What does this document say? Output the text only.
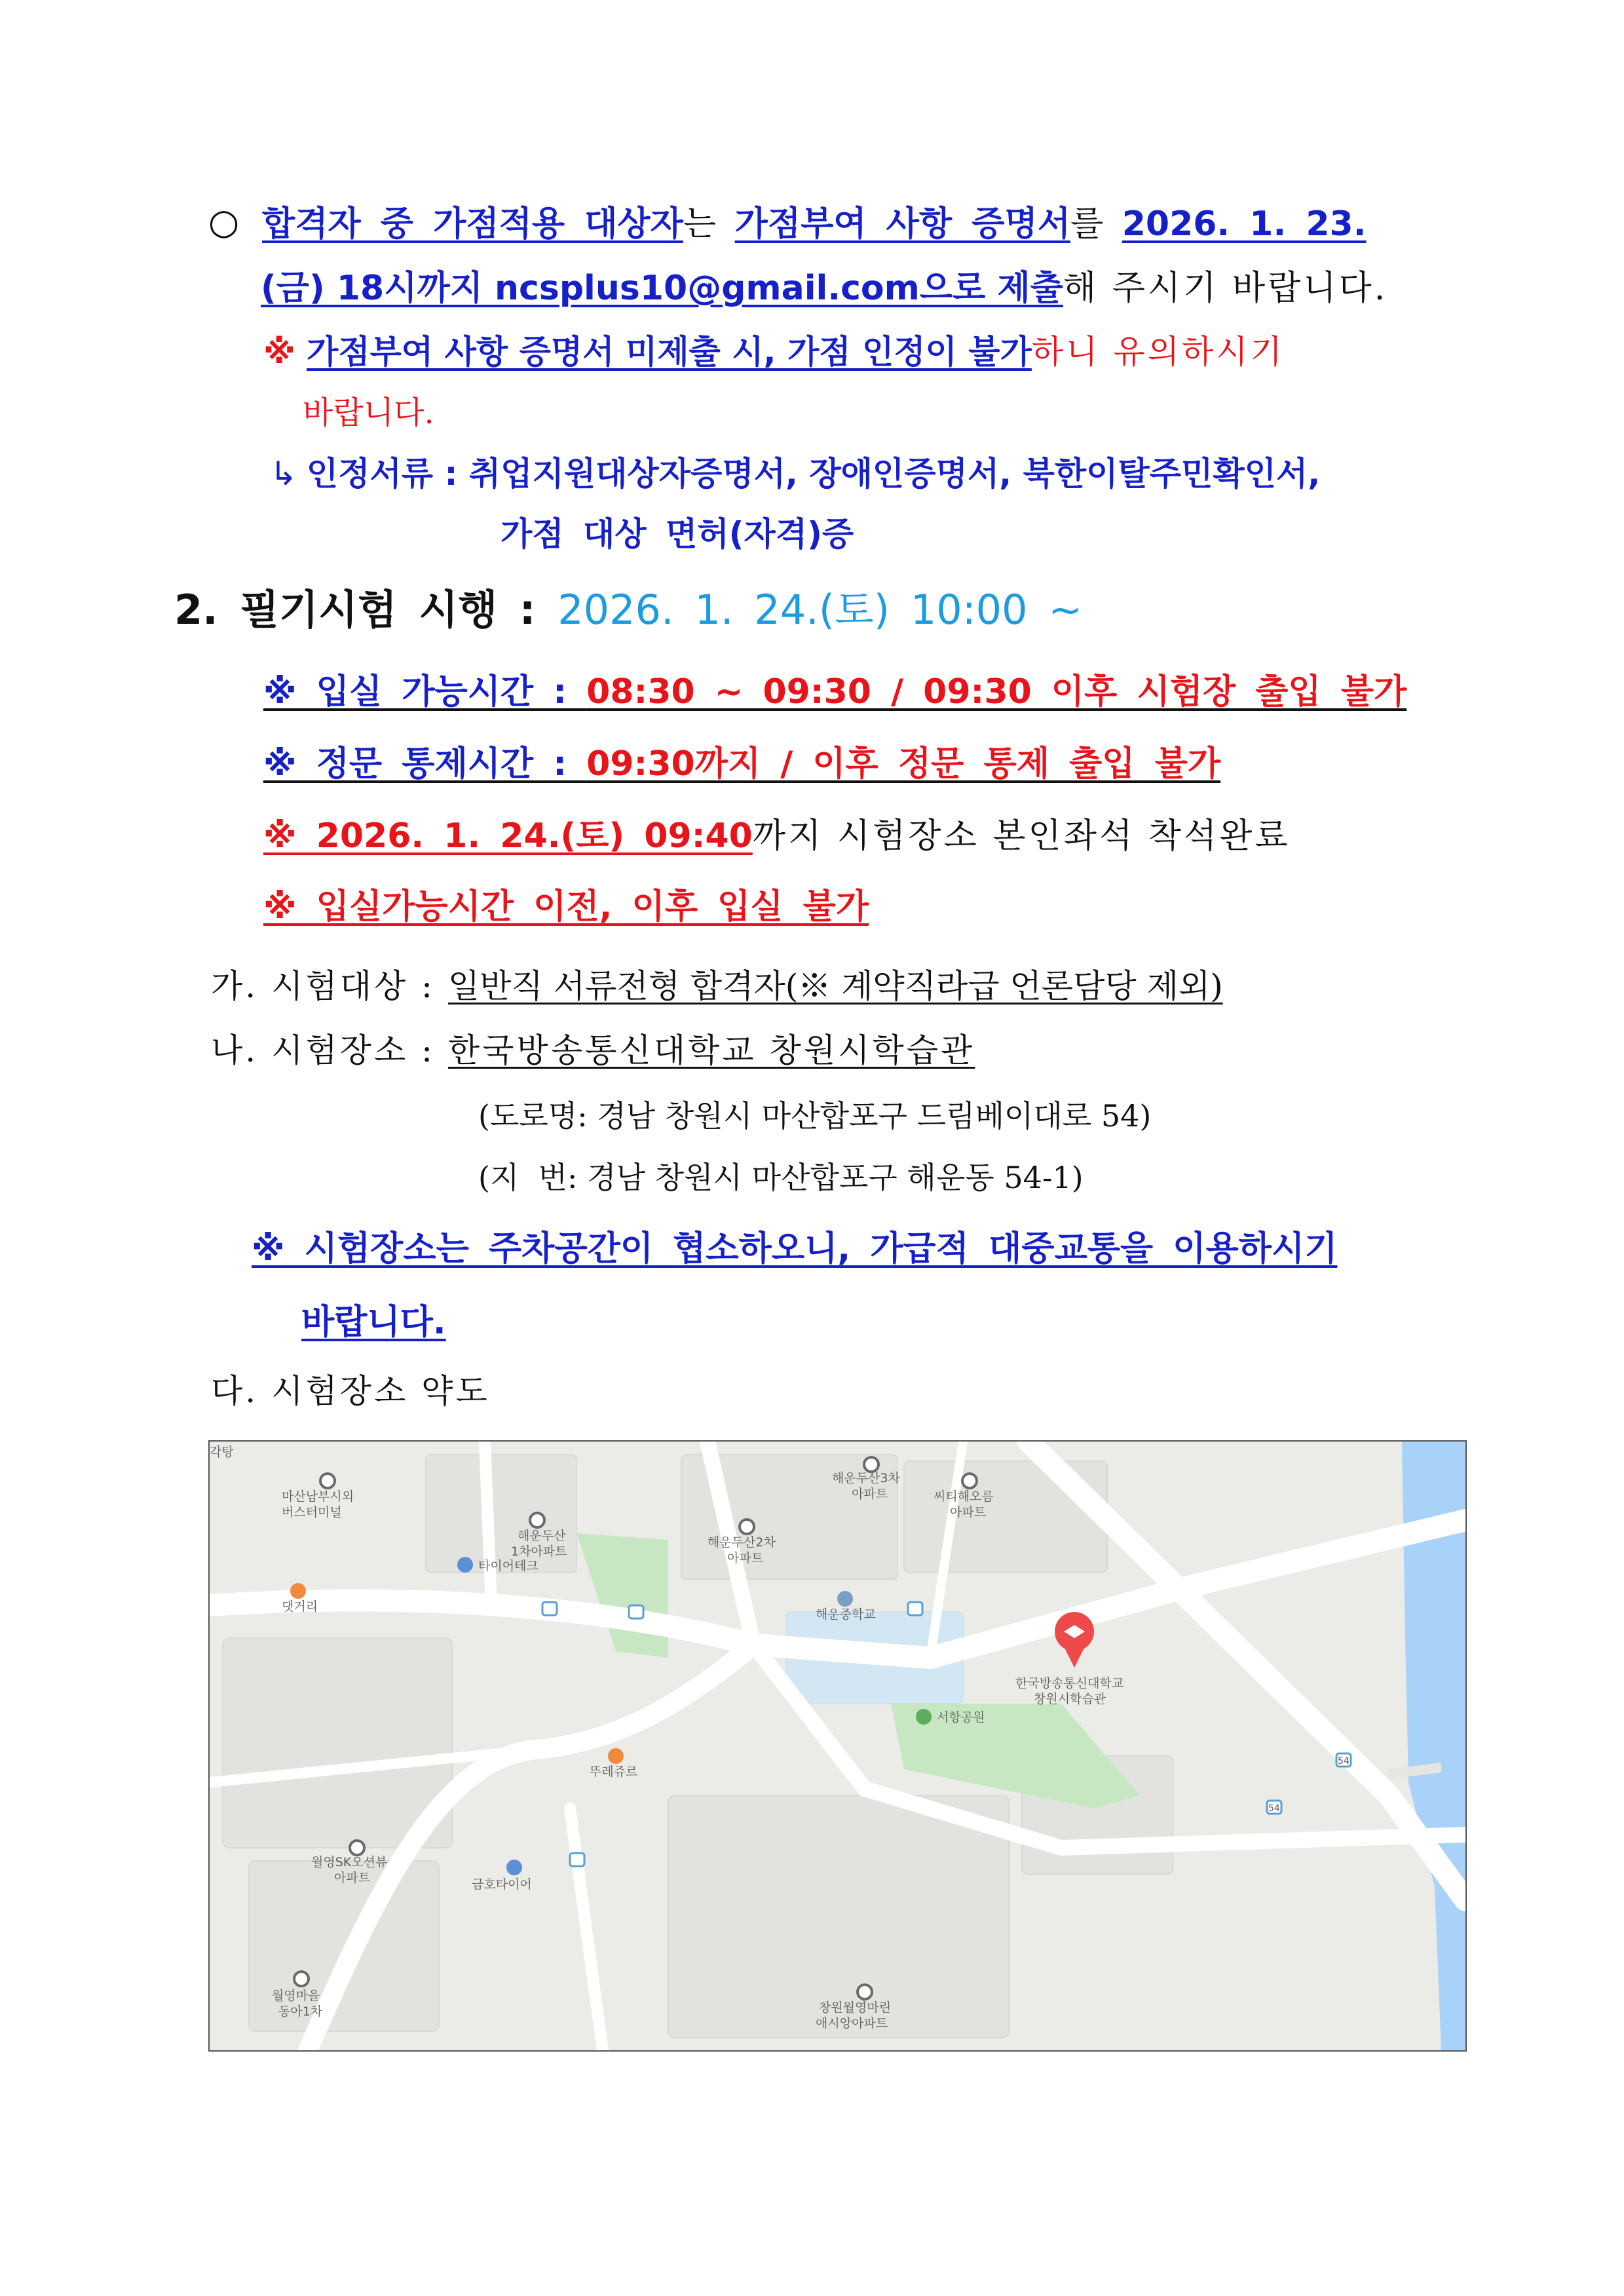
○ 합격자 중 가점적용 대상자는 가점부여 사항 증명서를 2026. 1. 23.
(금) 18시까지 ncsplus10@gmail.com으로 제출해 주시기 바랍니다.
※ 가점부여 사항 증명서 미제출 시, 가점 인정이 불가하니 유의하시기
바랍니다.
↳ 인정서류 : 취업지원대상자증명서, 장애인증명서, 북한이탈주민확인서,
가점 대상 면허(자격)증
2. 필기시험 시행 : 2026. 1. 24.(토) 10:00 ~
※ 입실 가능시간 : 08:30 ~ 09:30 / 09:30 이후 시험장 출입 불가
※ 정문 통제시간 : 09:30까지 / 이후 정문 통제 출입 불가
※ 2026. 1. 24.(토) 09:40까지 시험장소 본인좌석 착석완료
※ 입실가능시간 이전, 이후 입실 불가
가. 시험대상 : 일반직 서류전형 합격자(※ 계약직라급 언론담당 제외)
나. 시험장소 : 한국방송통신대학교 창원시학습관
(도로명: 경남 창원시 마산합포구 드림베이대로 54)
(지  번: 경남 창원시 마산합포구 해운동 54-1)
※ 시험장소는 주차공간이 협소하오니, 가급적 대중교통을 이용하시기
바랍니다.
다. 시험장소 약도
각탕
마산남부시외
버스터미널
해운두산
1차아파트
해운두산2차
아파트
해운두산3차
아파트	씨티해오름
아파트
타이어테크
댓거리
해운중학교
한국방송통신대학교
창원시학습관
서항공원
뚜레쥬르
월영SK오션뷰
아파트	금호타이어
월영마을
동아1차	창원월영마린
애시앙아파트
54
54
